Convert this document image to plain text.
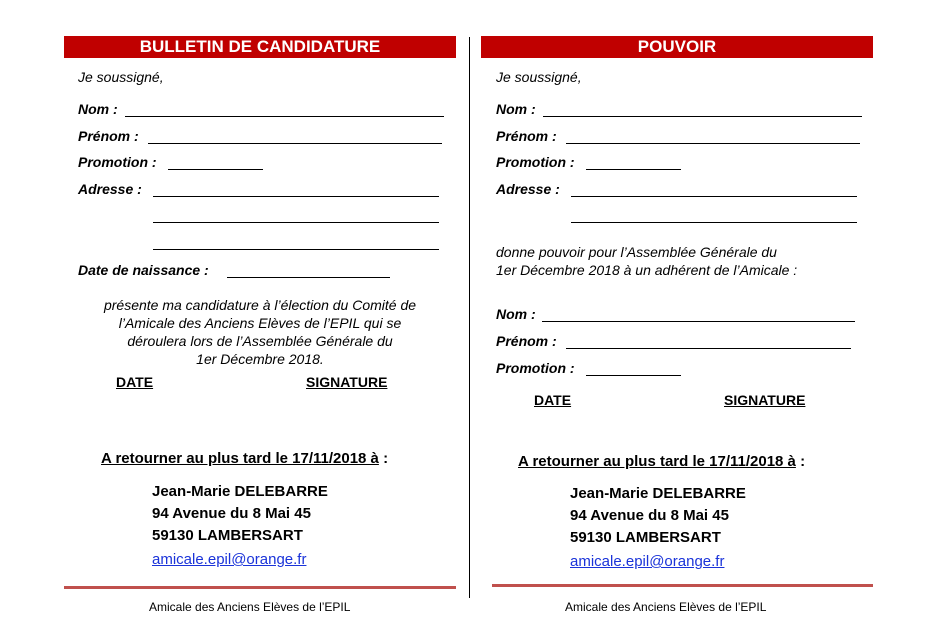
BULLETIN DE CANDIDATURE
Je soussigné,
Nom :
Prénom :
Promotion :
Adresse :
Date de naissance :
présente ma candidature à l’élection du Comité de
l’Amicale des Anciens Elèves de l’EPIL qui se
déroulera lors de l’Assemblée Générale du
1er Décembre 2018.
DATE	SIGNATURE
A retourner au plus tard le 17/11/2018 à :
Jean-Marie DELEBARRE
94 Avenue du 8 Mai 45
59130 LAMBERSART
amicale.epil@orange.fr
Amicale des Anciens Elèves de l’EPIL
POUVOIR
Je soussigné,
Nom :
Prénom :
Promotion :
Adresse :
donne pouvoir pour l’Assemblée Générale du
1er Décembre 2018 à un adhérent de l’Amicale :
Nom :
Prénom :
Promotion :
DATE	SIGNATURE
A retourner au plus tard le 17/11/2018 à :
Jean-Marie DELEBARRE
94 Avenue du 8 Mai 45
59130 LAMBERSART
amicale.epil@orange.fr
Amicale des Anciens Elèves de l’EPIL
